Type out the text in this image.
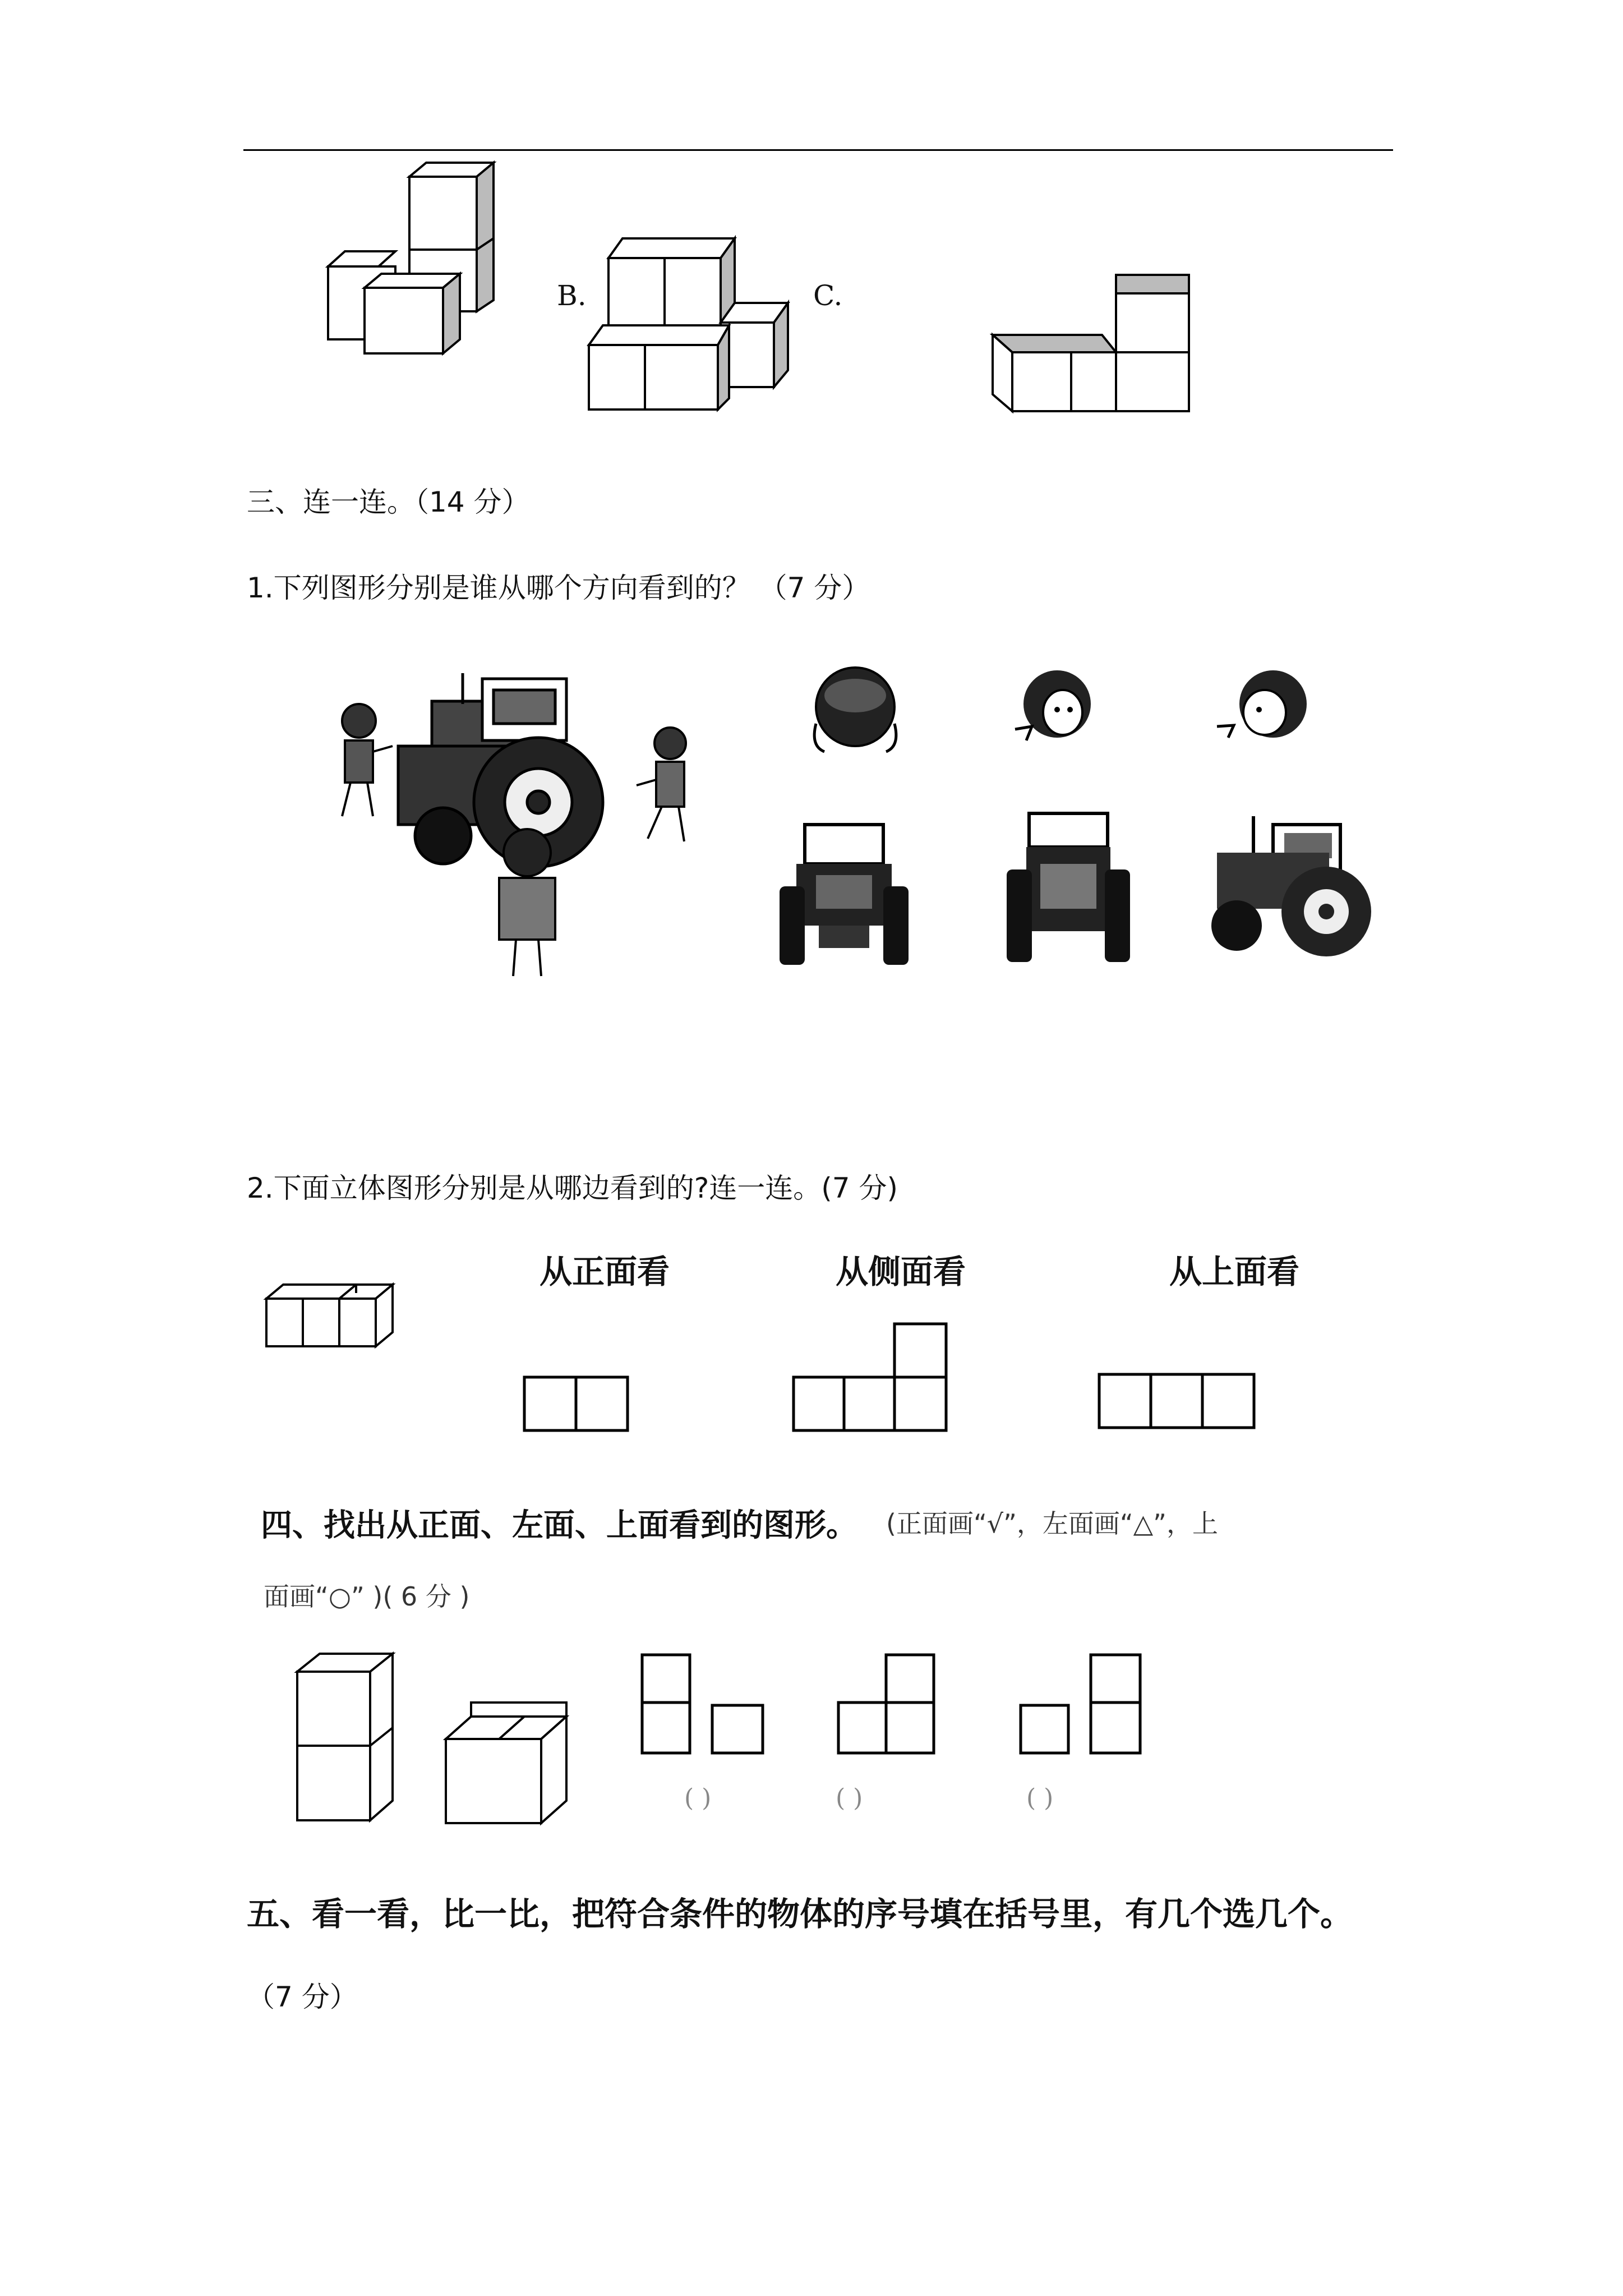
B.	C.
三、连一连。（14 分）
1.下列图形分别是谁从哪个方向看到的？ （7 分）
2.下面立体图形分别是从哪边看到的?连一连。(7 分)
从正面看	从侧面看	从上面看
四、找出从正面、左面、上面看到的图形。 (正面画“√”，左面画“△”，上
面画“○” )( 6 分 )
( )	( )	( )
五、看一看，比一比，把符合条件的物体的序号填在括号里，有几个选几个。
（7 分）
